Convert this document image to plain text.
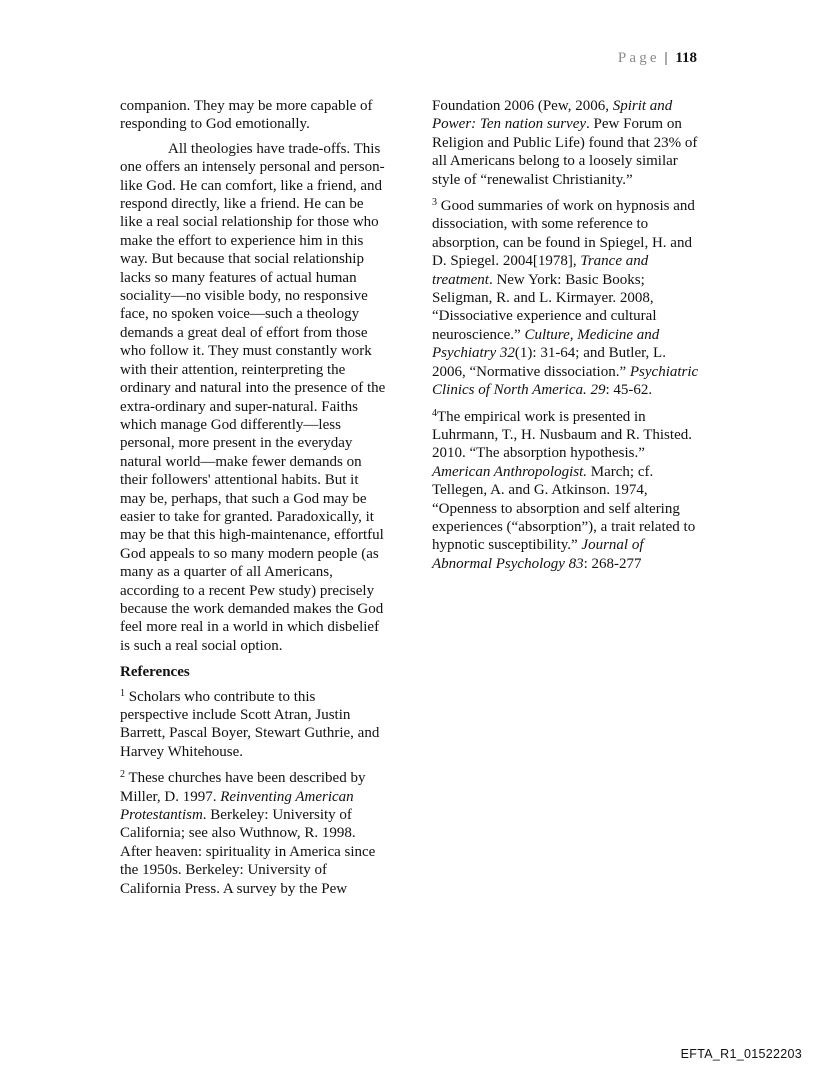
Page | 118

companion. They may be more capable of responding to God emotionally.

All theologies have trade-offs. This one offers an intensely personal and person-like God. He can comfort, like a friend, and respond directly, like a friend. He can be like a real social relationship for those who make the effort to experience him in this way. But because that social relationship lacks so many features of actual human sociality—no visible body, no responsive face, no spoken voice—such a theology demands a great deal of effort from those who follow it. They must constantly work with their attention, reinterpreting the ordinary and natural into the presence of the extra-ordinary and super-natural. Faiths which manage God differently—less personal, more present in the everyday natural world—make fewer demands on their followers' attentional habits. But it may be, perhaps, that such a God may be easier to take for granted. Paradoxically, it may be that this high-maintenance, effortful God appeals to so many modern people (as many as a quarter of all Americans, according to a recent Pew study) precisely because the work demanded makes the God feel more real in a world in which disbelief is such a real social option.

References

$^1$ Scholars who contribute to this perspective include Scott Atran, Justin Barrett, Pascal Boyer, Stewart Guthrie, and Harvey Whitehouse.

$^2$ These churches have been described by Miller, D. 1997. Reinventing American Protestantism. Berkeley: University of California; see also Wuthnow, R. 1998. After heaven: spirituality in America since the 1950s. Berkeley: University of California Press. A survey by the Pew

Foundation 2006 (Pew, 2006, Spirit and Power: Ten nation survey. Pew Forum on Religion and Public Life) found that 23% of all Americans belong to a loosely similar style of “renewalist Christianity.”

$^3$ Good summaries of work on hypnosis and dissociation, with some reference to absorption, can be found in Spiegel, H. and D. Spiegel. 2004[1978], Trance and treatment. New York: Basic Books; Seligman, R. and L. Kirmayer. 2008, “Dissociative experience and cultural neuroscience.” Culture, Medicine and Psychiatry 32(1): 31-64; and Butler, L. 2006, “Normative dissociation.” Psychiatric Clinics of North America. 29: 45-62.

$^4$The empirical work is presented in Luhrmann, T., H. Nusbaum and R. Thisted. 2010. “The absorption hypothesis.” American Anthropologist. March; cf. Tellegen, A. and G. Atkinson. 1974, “Openness to absorption and self altering experiences (“absorption”), a trait related to hypnotic susceptibility.” Journal of Abnormal Psychology 83: 268-277

EFTA_R1_01522203
